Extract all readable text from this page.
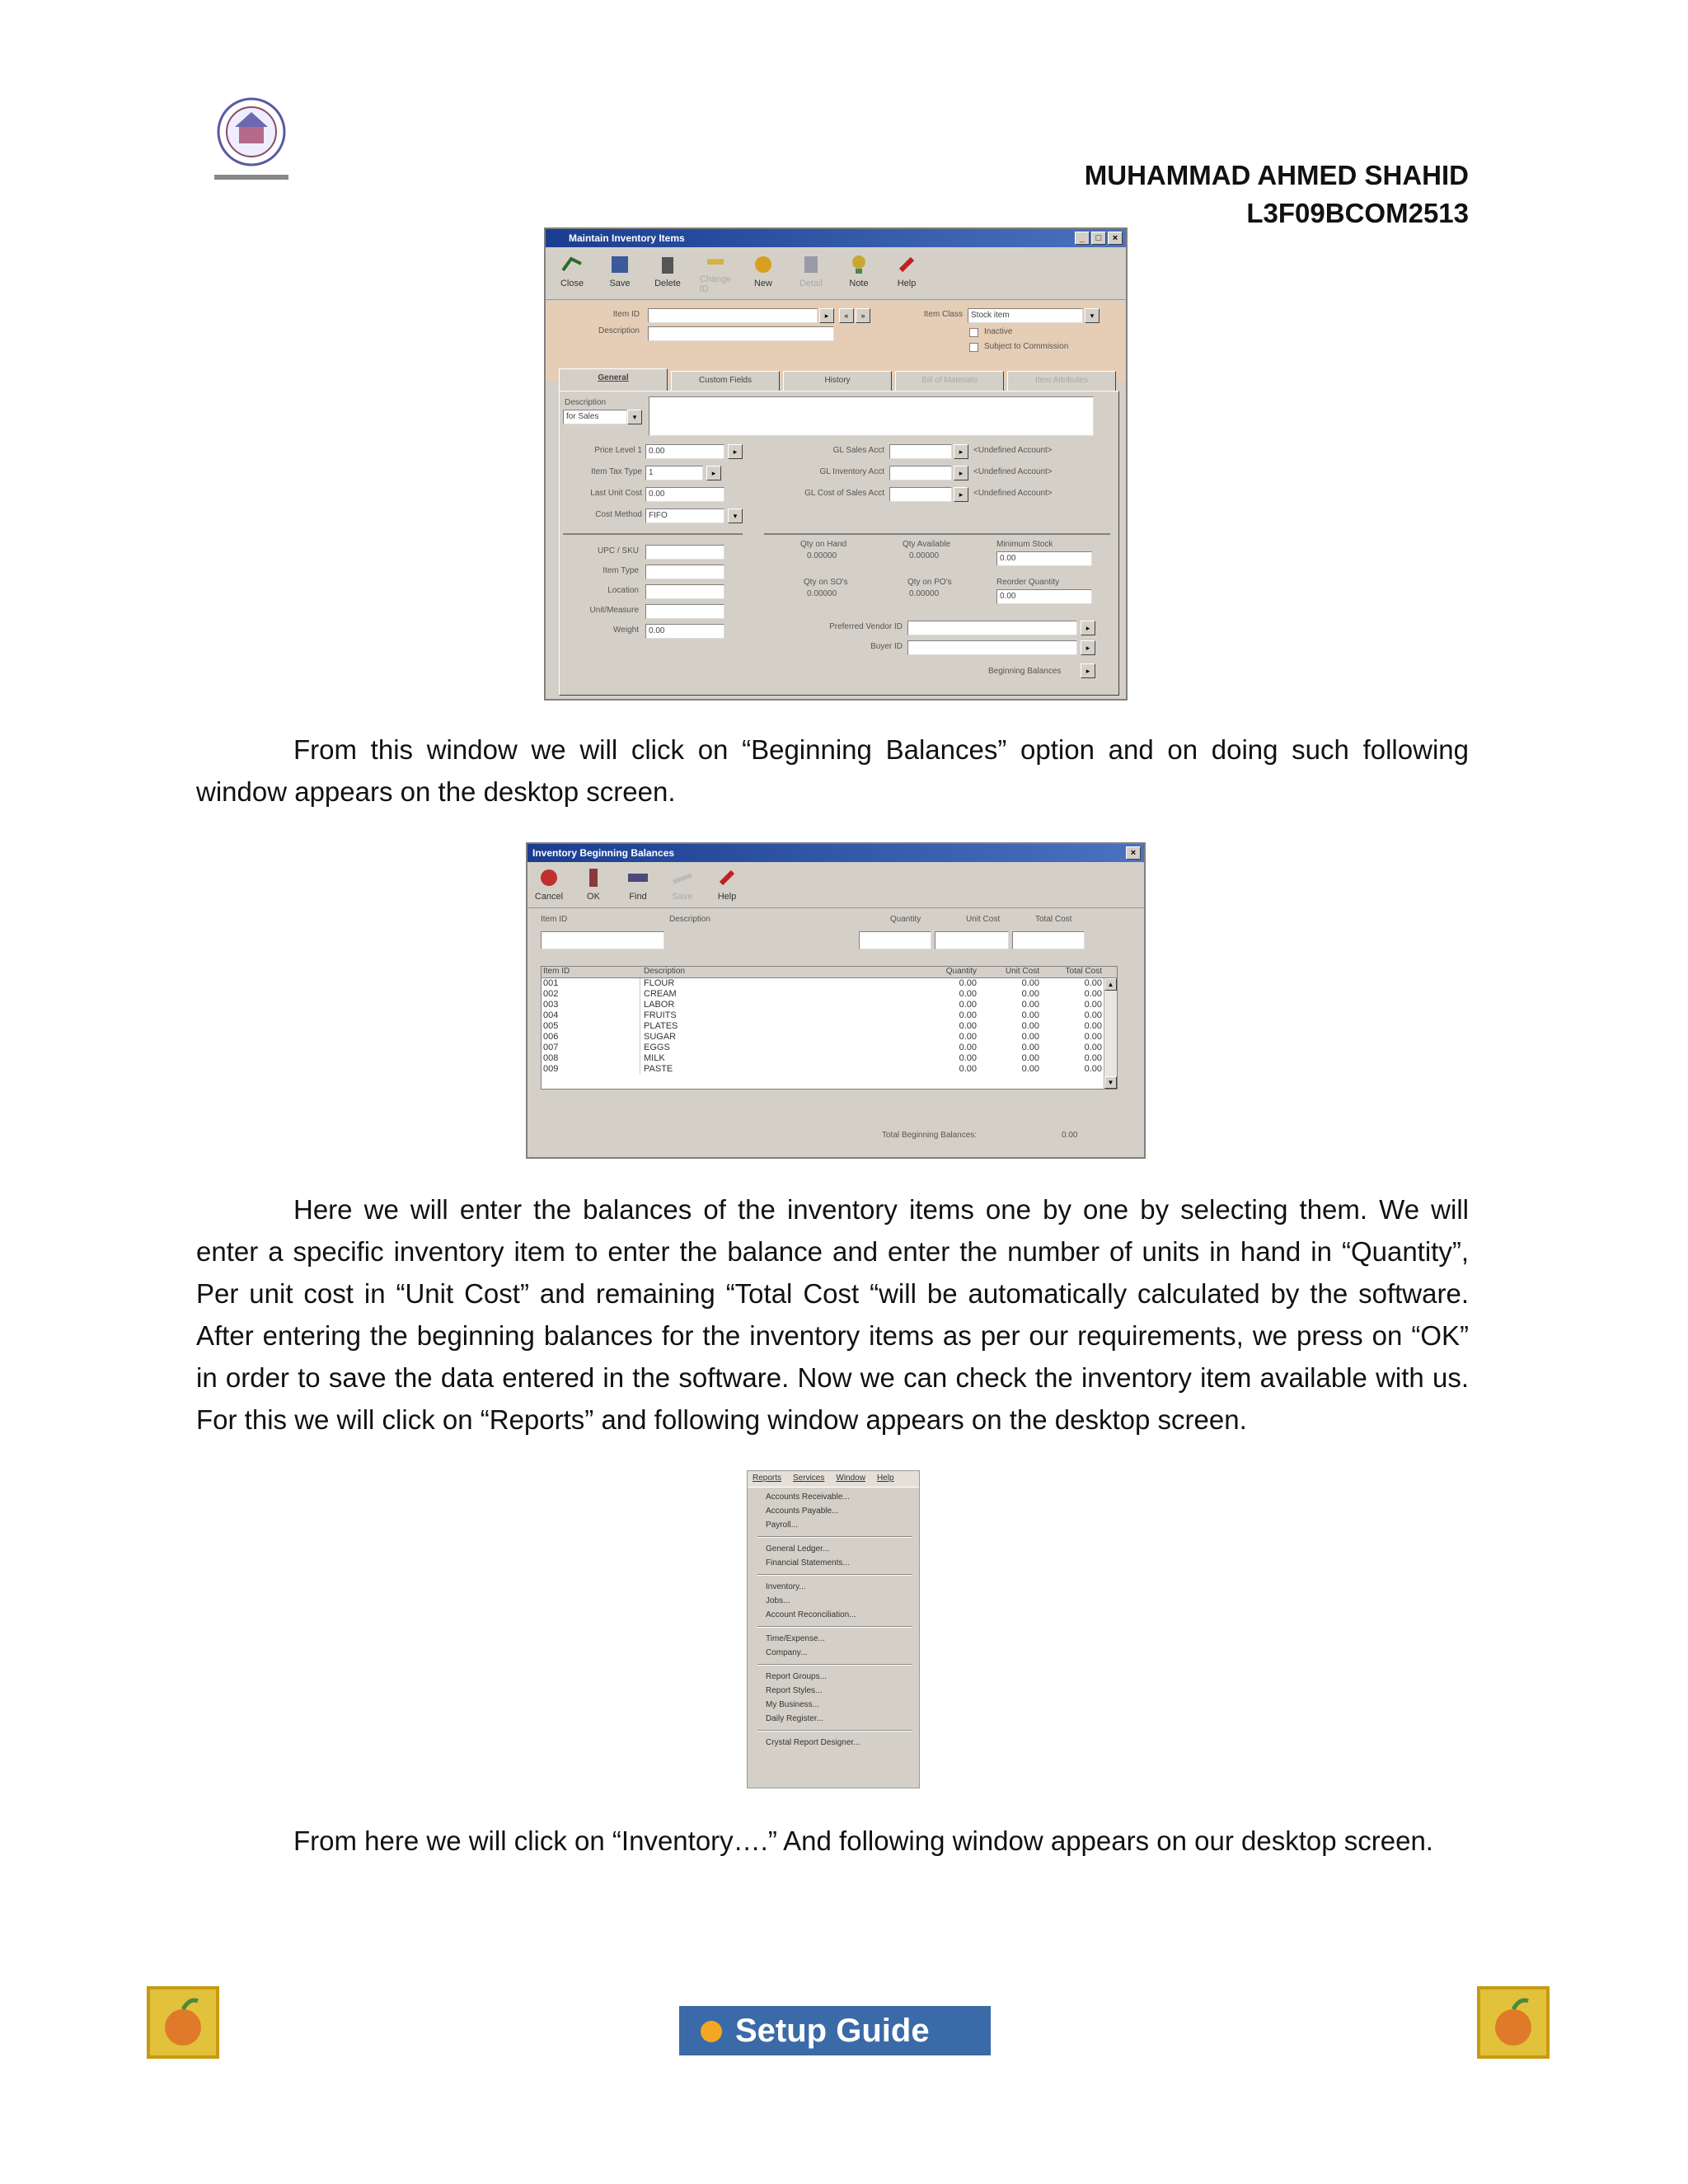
MUHAMMAD AHMED SHAHID
L3F09BCOM2513
Maintain Inventory Items	_	□	×
Close	Save	Delete Change ID
New	Detail	Note	Help
Item ID	▸	«	»
Description
Item Class	Stock item	▾
Inactive
Subject to Commission
General	Custom Fields	History	Bill of Materials	Item Attributes
Description
for Sales	▾
Price Level 1 0.00	▸
Item Tax Type 1	▸
Last Unit Cost 0.00
Cost Method FIFO	▾
GL Sales Acct	▸	<Undefined Account>
GL Inventory Acct	▸	<Undefined Account>
GL Cost of Sales Acct	▸	<Undefined Account>
UPC / SKU
Item Type
Location
Unit/Measure
Weight	0.00
Qty on Hand
0.00000
Qty Available
0.00000
Minimum Stock
0.00
Qty on SO's
0.00000
Qty on PO's
0.00000
Reorder Quantity
0.00
Preferred Vendor ID	▸
Buyer ID	▸
Beginning Balances	▸
From this window we will click on “Beginning Balances” option and on doing such following window appears on the desktop screen.
Inventory Beginning Balances	×
Cancel	OK	Find	Save	Help
Item ID	Description	Quantity	Unit Cost	Total Cost
Item ID	Description	Quantity	Unit Cost	Total Cost
001	FLOUR	0.00	0.00	0.00
002	CREAM	0.00	0.00	0.00
003	LABOR	0.00	0.00	0.00
004	FRUITS	0.00	0.00	0.00
005	PLATES	0.00	0.00	0.00
006	SUGAR	0.00	0.00	0.00
007	EGGS	0.00	0.00	0.00
008	MILK	0.00	0.00	0.00
009	PASTE	0.00	0.00	0.00
▲
▼
Total Beginning Balances:	0.00
Here we will enter the balances of the inventory items one by one by selecting them. We will enter a specific inventory item to enter the balance and enter the number of units in hand in “Quantity”, Per unit cost in “Unit Cost” and remaining “Total Cost “will be automatically calculated by the software. After entering the beginning balances for the inventory items as per our requirements, we press on “OK” in order to save the data entered in the software. Now we can check the inventory item available with us. For this we will click on “Reports” and following window appears on the desktop screen.
Reports Services Window Help
Accounts Receivable...
Accounts Payable...
Payroll...
General Ledger...
Financial Statements...
Inventory...
Jobs...
Account Reconciliation...
Time/Expense...
Company...
Report Groups...
Report Styles...
My Business...
Daily Register...
Crystal Report Designer...
From here we will click on “Inventory….” And following window appears on our desktop screen.
Setup Guide
